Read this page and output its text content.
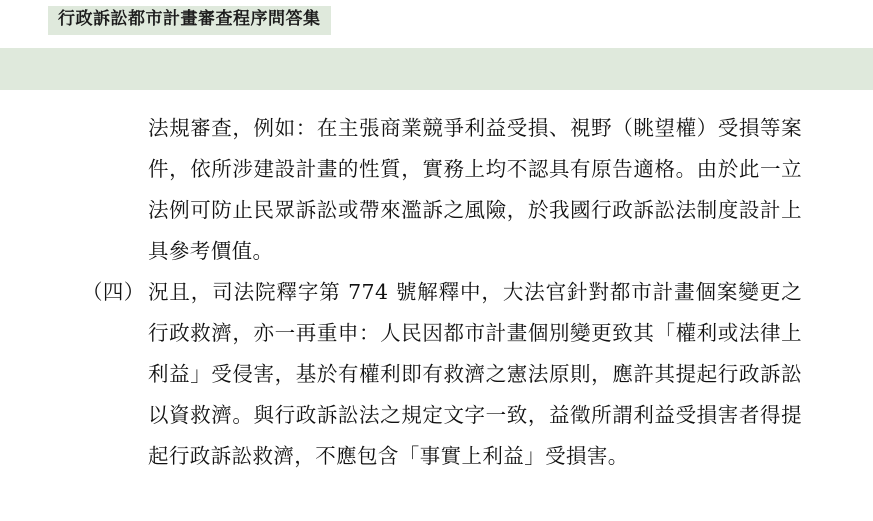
行政訴訟都市計畫審查程序問答集

法規審查，例如：在主張商業競爭利益受損、視野（眺望權）受損等案件，依所涉建設計畫的性質，實務上均不認具有原告適格。由於此一立法例可防止民眾訴訟或帶來濫訴之風險，於我國行政訴訟法制度設計上具參考價值。

（四） 況且，司法院釋字第 774 號解釋中，大法官針對都市計畫個案變更之行政救濟，亦一再重申：人民因都市計畫個別變更致其「權利或法律上利益」受侵害，基於有權利即有救濟之憲法原則，應許其提起行政訴訟以資救濟。與行政訴訟法之規定文字一致，益徵所謂利益受損害者得提起行政訴訟救濟，不應包含「事實上利益」受損害。
